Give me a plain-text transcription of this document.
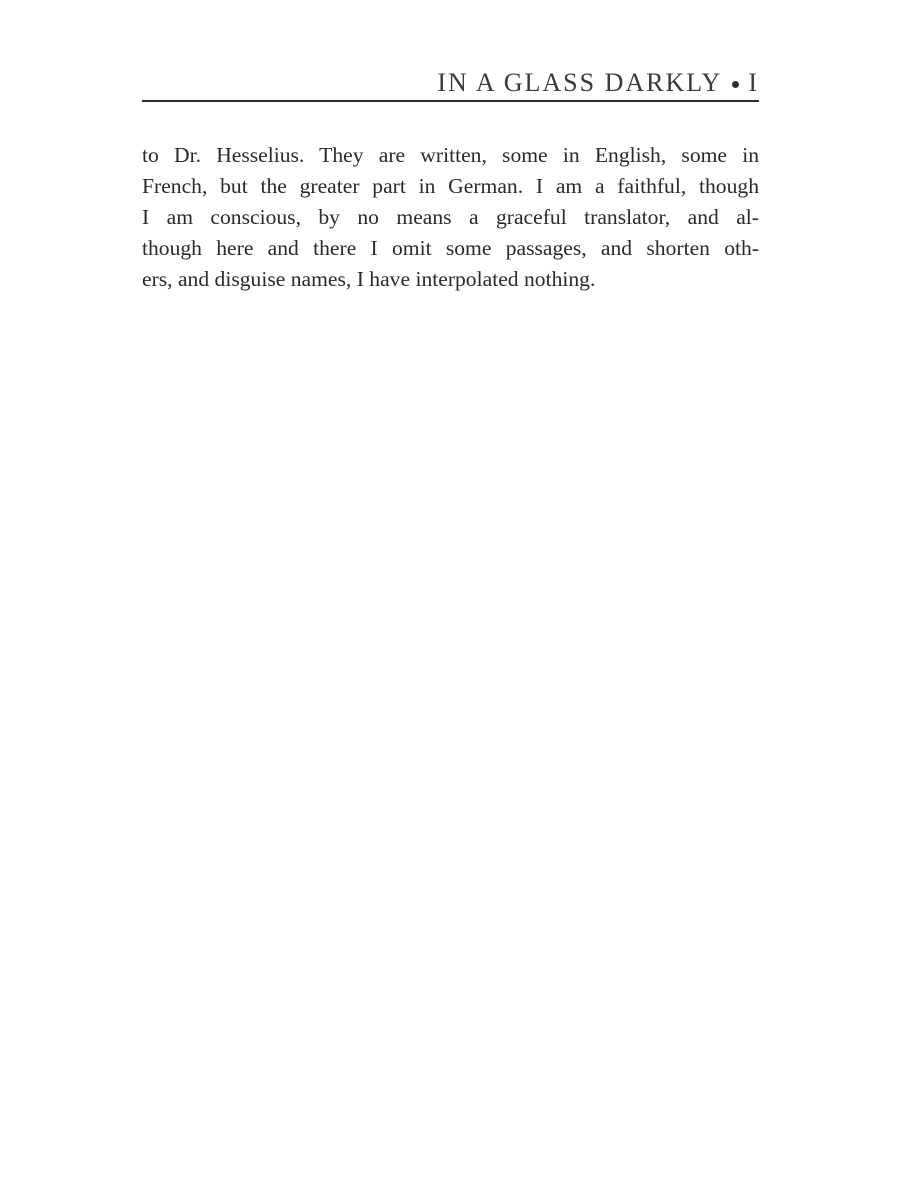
IN A GLASS DARKLY I
to Dr. Hesselius. They are written, some in English, some in
French, but the greater part in German. I am a faithful, though
I am conscious, by no means a graceful translator, and al-
though here and there I omit some passages, and shorten oth-
ers, and disguise names, I have interpolated nothing.
